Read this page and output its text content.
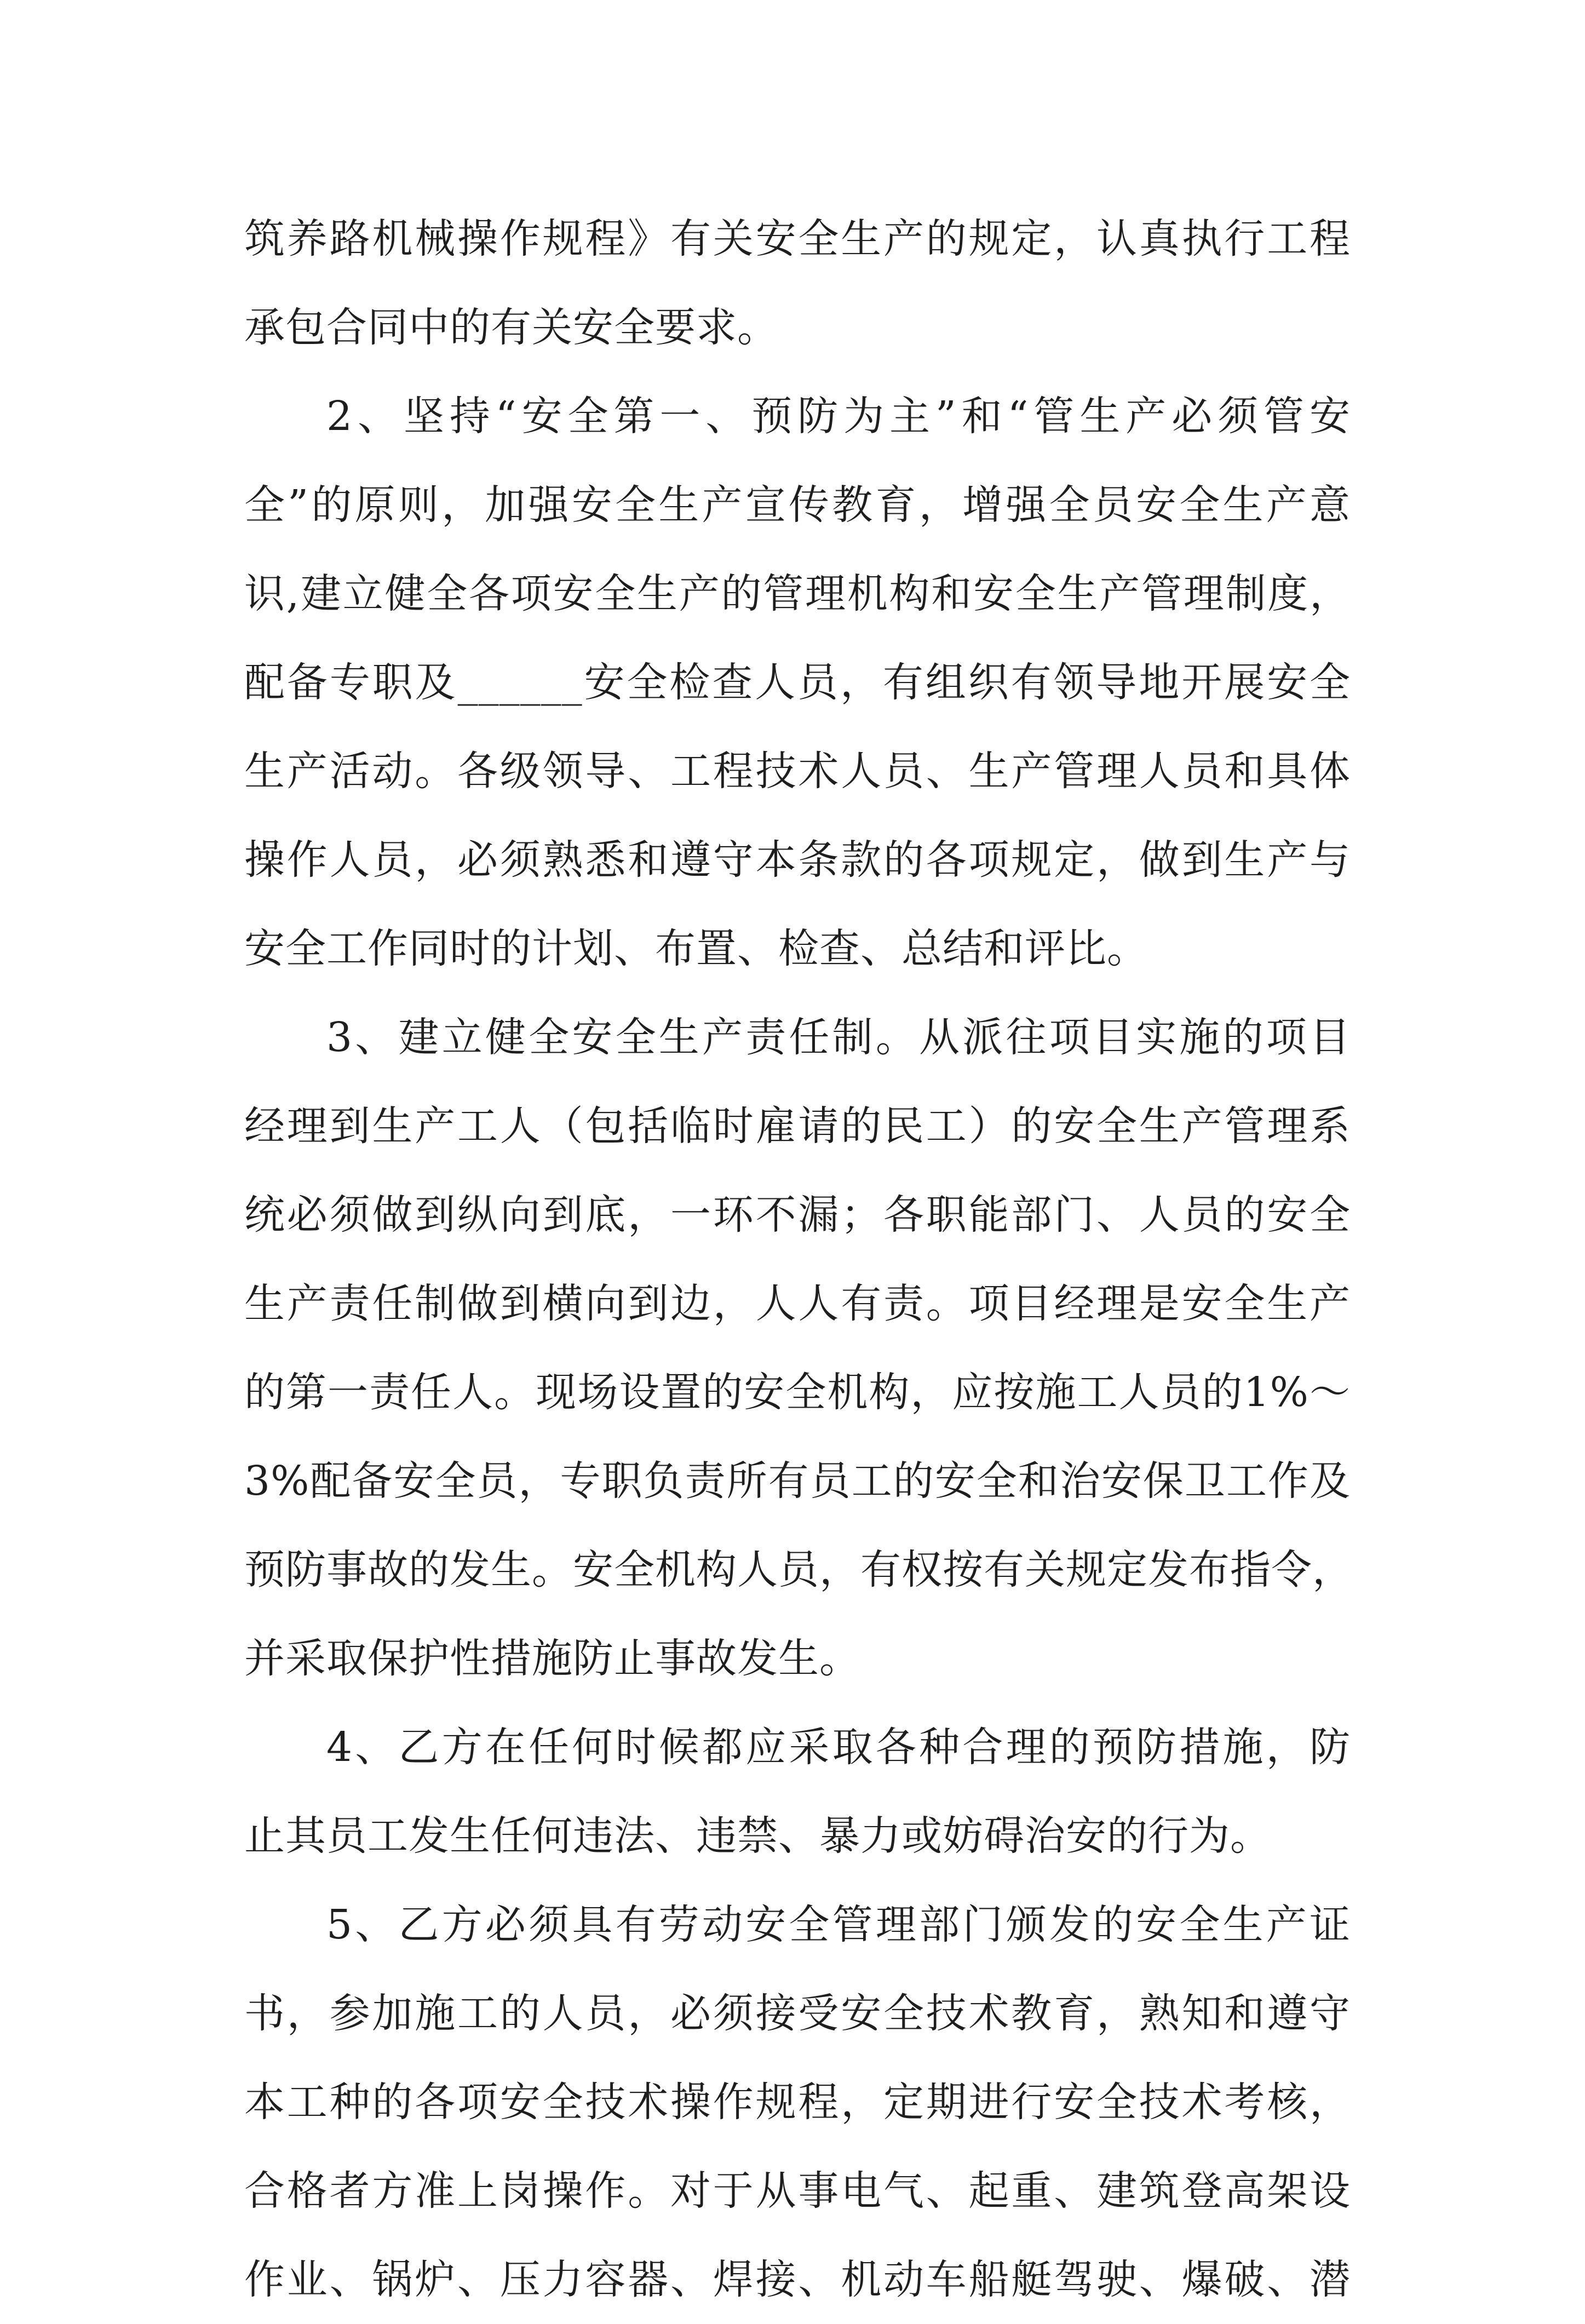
筑养路机械操作规程》有关安全生产的规定，认真执行工程
承包合同中的有关安全要求。
2、坚持“安全第一、预防为主”和“管生产必须管安
全”的原则，加强安全生产宣传教育，增强全员安全生产意
识,建立健全各项安全生产的管理机构和安全生产管理制度，
配备专职及______安全检查人员，有组织有领导地开展安全
生产活动。各级领导、工程技术人员、生产管理人员和具体
操作人员，必须熟悉和遵守本条款的各项规定，做到生产与
安全工作同时的计划、布置、检查、总结和评比。
3、建立健全安全生产责任制。从派往项目实施的项目
经理到生产工人（包括临时雇请的民工）的安全生产管理系
统必须做到纵向到底，一环不漏；各职能部门、人员的安全
生产责任制做到横向到边，人人有责。项目经理是安全生产
的第一责任人。现场设置的安全机构，应按施工人员的1%～
3%配备安全员，专职负责所有员工的安全和治安保卫工作及
预防事故的发生。安全机构人员，有权按有关规定发布指令，
并采取保护性措施防止事故发生。
4、乙方在任何时候都应采取各种合理的预防措施，防
止其员工发生任何违法、违禁、暴力或妨碍治安的行为。
5、乙方必须具有劳动安全管理部门颁发的安全生产证
书，参加施工的人员，必须接受安全技术教育，熟知和遵守
本工种的各项安全技术操作规程，定期进行安全技术考核，
合格者方准上岗操作。对于从事电气、起重、建筑登高架设
作业、锅炉、压力容器、焊接、机动车船艇驾驶、爆破、潜
